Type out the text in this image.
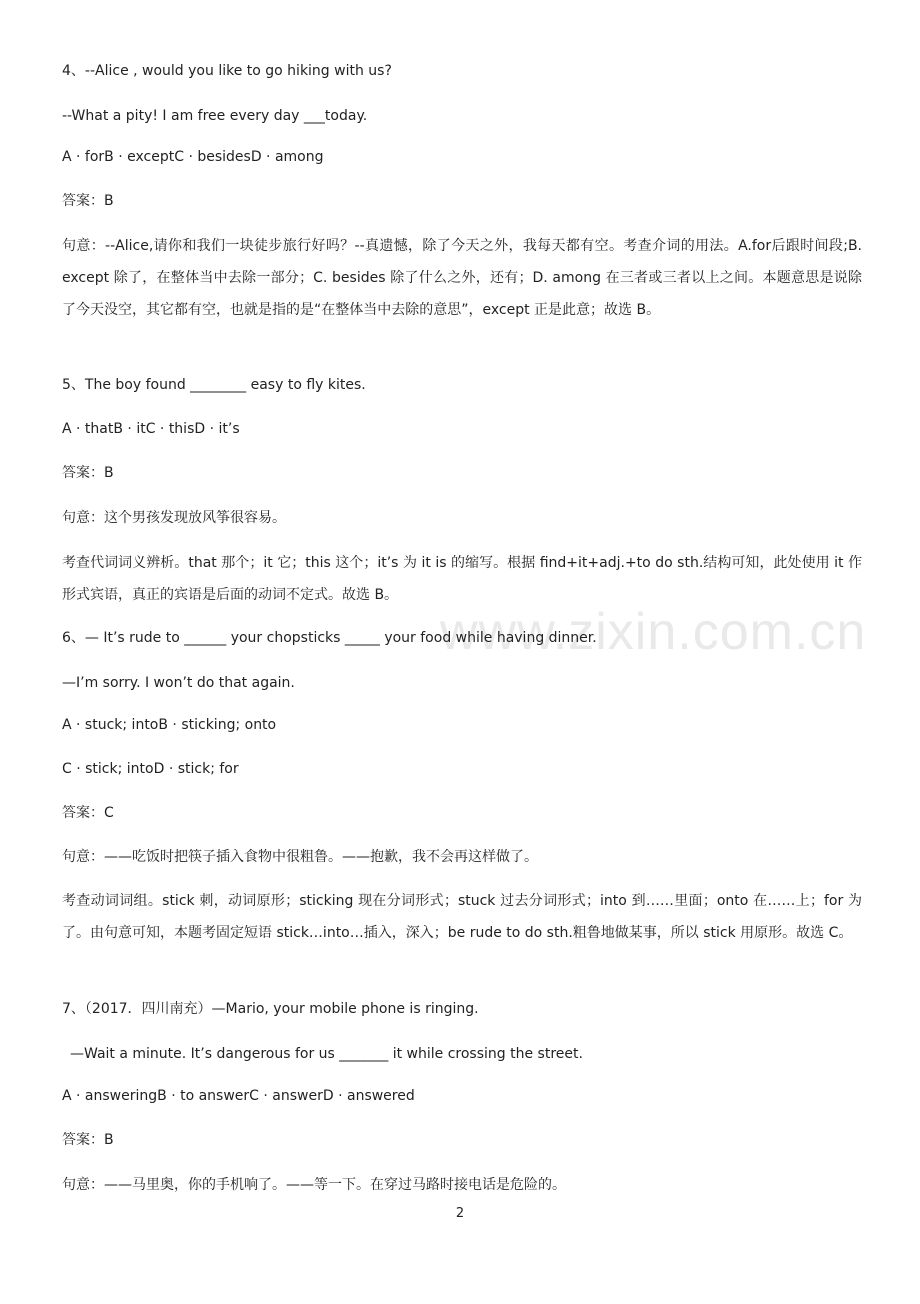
www.zixin.com.cn
4、--Alice , would you like to go hiking with us?
--What a pity! I am free every day ___today.
A · forB · exceptC · besidesD · among
答案：B
句意：--Alice,请你和我们一块徒步旅行好吗？--真遗憾，除了今天之外，我每天都有空。考查介词的用法。A.for后跟时间段;B. except 除了，在整体当中去除一部分；C. besides 除了什么之外，还有；D. among 在三者或三者以上之间。本题意思是说除了今天没空，其它都有空，也就是指的是“在整体当中去除的意思”，except 正是此意；故选 B。
5、The boy found ________ easy to fly kites.
A · thatB · itC · thisD · it’s
答案：B
句意：这个男孩发现放风筝很容易。
考查代词词义辨析。that 那个；it 它；this 这个；it’s 为 it is 的缩写。根据 find+it+adj.+to do sth.结构可知，此处使用 it 作形式宾语，真正的宾语是后面的动词不定式。故选 B。
6、— It’s rude to ______ your chopsticks _____ your food while having dinner.
—I’m sorry. I won’t do that again.
A · stuck; intoB · sticking; onto
C · stick; intoD · stick; for
答案：C
句意：——吃饭时把筷子插入食物中很粗鲁。——抱歉，我不会再这样做了。
考查动词词组。stick 刺，动词原形；sticking 现在分词形式；stuck 过去分词形式；into 到……里面；onto 在……上；for 为了。由句意可知，本题考固定短语 stick…into…插入，深入；be rude to do sth.粗鲁地做某事，所以 stick 用原形。故选 C。
7、（2017．四川南充）—Mario, your mobile phone is ringing.
—Wait a minute. It’s dangerous for us _______ it while crossing the street.
A · answeringB · to answerC · answerD · answered
答案：B
句意：——马里奥，你的手机响了。——等一下。在穿过马路时接电话是危险的。
2
